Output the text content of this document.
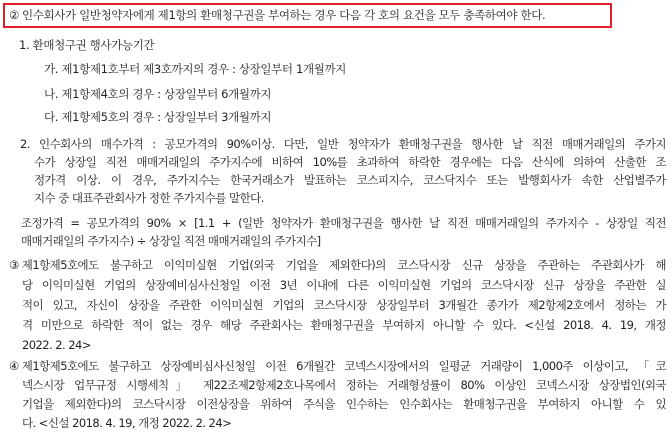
② 인수회사가 일반청약자에게 제1항의 환매청구권을 부여하는 경우 다음 각 호의 요건을 모두 충족하여야 한다.
1. 환매청구권 행사가능기간
가. 제1항제1호부터 제3호까지의 경우 : 상장일부터 1개월까지
나. 제1항제4호의 경우 : 상장일부터 6개월까지
다. 제1항제5호의 경우 : 상장일부터 3개월까지
2. 인수회사의 매수가격 : 공모가격의 90%이상. 다만, 일반 청약자가 환매청구권을 행사한 날 직전 매매거래일의 주가지
수가 상장일 직전 매매거래일의 주가지수에 비하여 10%를 초과하여 하락한 경우에는 다음 산식에 의하여 산출한 조
정가격 이상. 이 경우, 주가지수는 한국거래소가 발표하는 코스피지수, 코스닥지수 또는 발행회사가 속한 산업별주가
지수 중 대표주관회사가 정한 주가지수를 말한다.
조정가격 = 공모가격의 90% × [1.1 + (일반 청약자가 환매청구권을 행사한 날 직전 매매거래일의 주가지수 - 상장일 직전
매매거래일의 주가지수) ÷ 상장일 직전 매매거래일의 주가지수]
③ 제1항제5호에도 불구하고 이익미실현 기업(외국 기업을 제외한다)의 코스닥시장 신규 상장을 주관하는 주관회사가 해
당 이익미실현 기업의 상장예비심사신청일 이전 3년 이내에 다른 이익미실현 기업의 코스닥시장 신규 상장을 주관한 실
적이 있고, 자신이 상장을 주관한 이익미실현 기업의 코스닥시장 상장일부터 3개월간 종가가 제2항제2호에서 정하는 가
격 미만으로 하락한 적이 없는 경우 해당 주관회사는 환매청구권을 부여하지 아니할 수 있다. <신설 2018. 4. 19, 개정
2022. 2. 24>
④ 제1항제5호에도 불구하고 상장예비심사신청일 이전 6개월간 코넥스시장에서의 일평균 거래량이 1,000주 이상이고, 「코
넥스시장 업무규정 시행세칙」 제22조제2항제2호나목에서 정하는 거래형성률이 80% 이상인 코넥스시장 상장법인(외국
기업을 제외한다)의 코스닥시장 이전상장을 위하여 주식을 인수하는 인수회사는 환매청구권을 부여하지 아니할 수 있
다. <신설 2018. 4. 19, 개정 2022. 2. 24>
